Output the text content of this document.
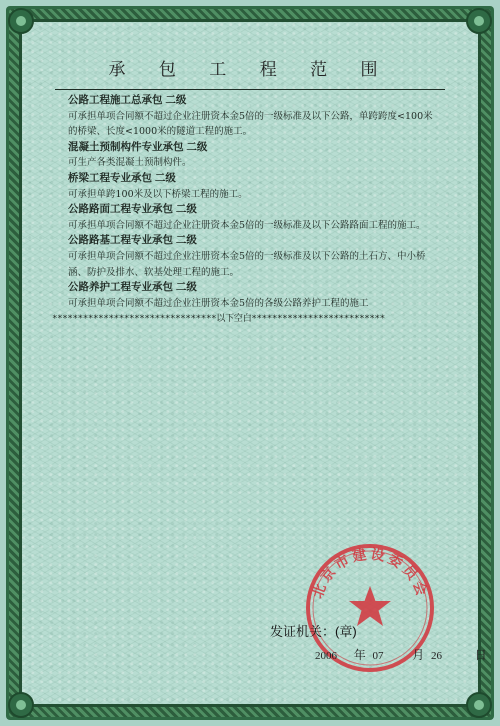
承 包 工 程 范 围
公路工程施工总承包 二级
可承担单项合同额不超过企业注册资本金5倍的一级标准及以下公路，单跨跨度<100米的桥梁、长度<1000米的隧道工程的施工。
混凝土预制构件专业承包 二级
可生产各类混凝土预制构件。
桥梁工程专业承包 二级
可承担单跨100米及以下桥梁工程的施工。
公路路面工程专业承包 二级
可承担单项合同额不超过企业注册资本金5倍的一级标准及以下公路路面工程的施工。
公路路基工程专业承包 二级
可承担单项合同额不超过企业注册资本金5倍的一级标准及以下公路的土石方、中小桥涵、防护及排水、软基处理工程的施工。
公路养护工程专业承包 二级
可承担单项合同额不超过企业注册资本金5倍的各级公路养护工程的施工
********************************以下空白**************************
北京市建设委员会
发证机关：(章)
2006 年 07 月 26	日
